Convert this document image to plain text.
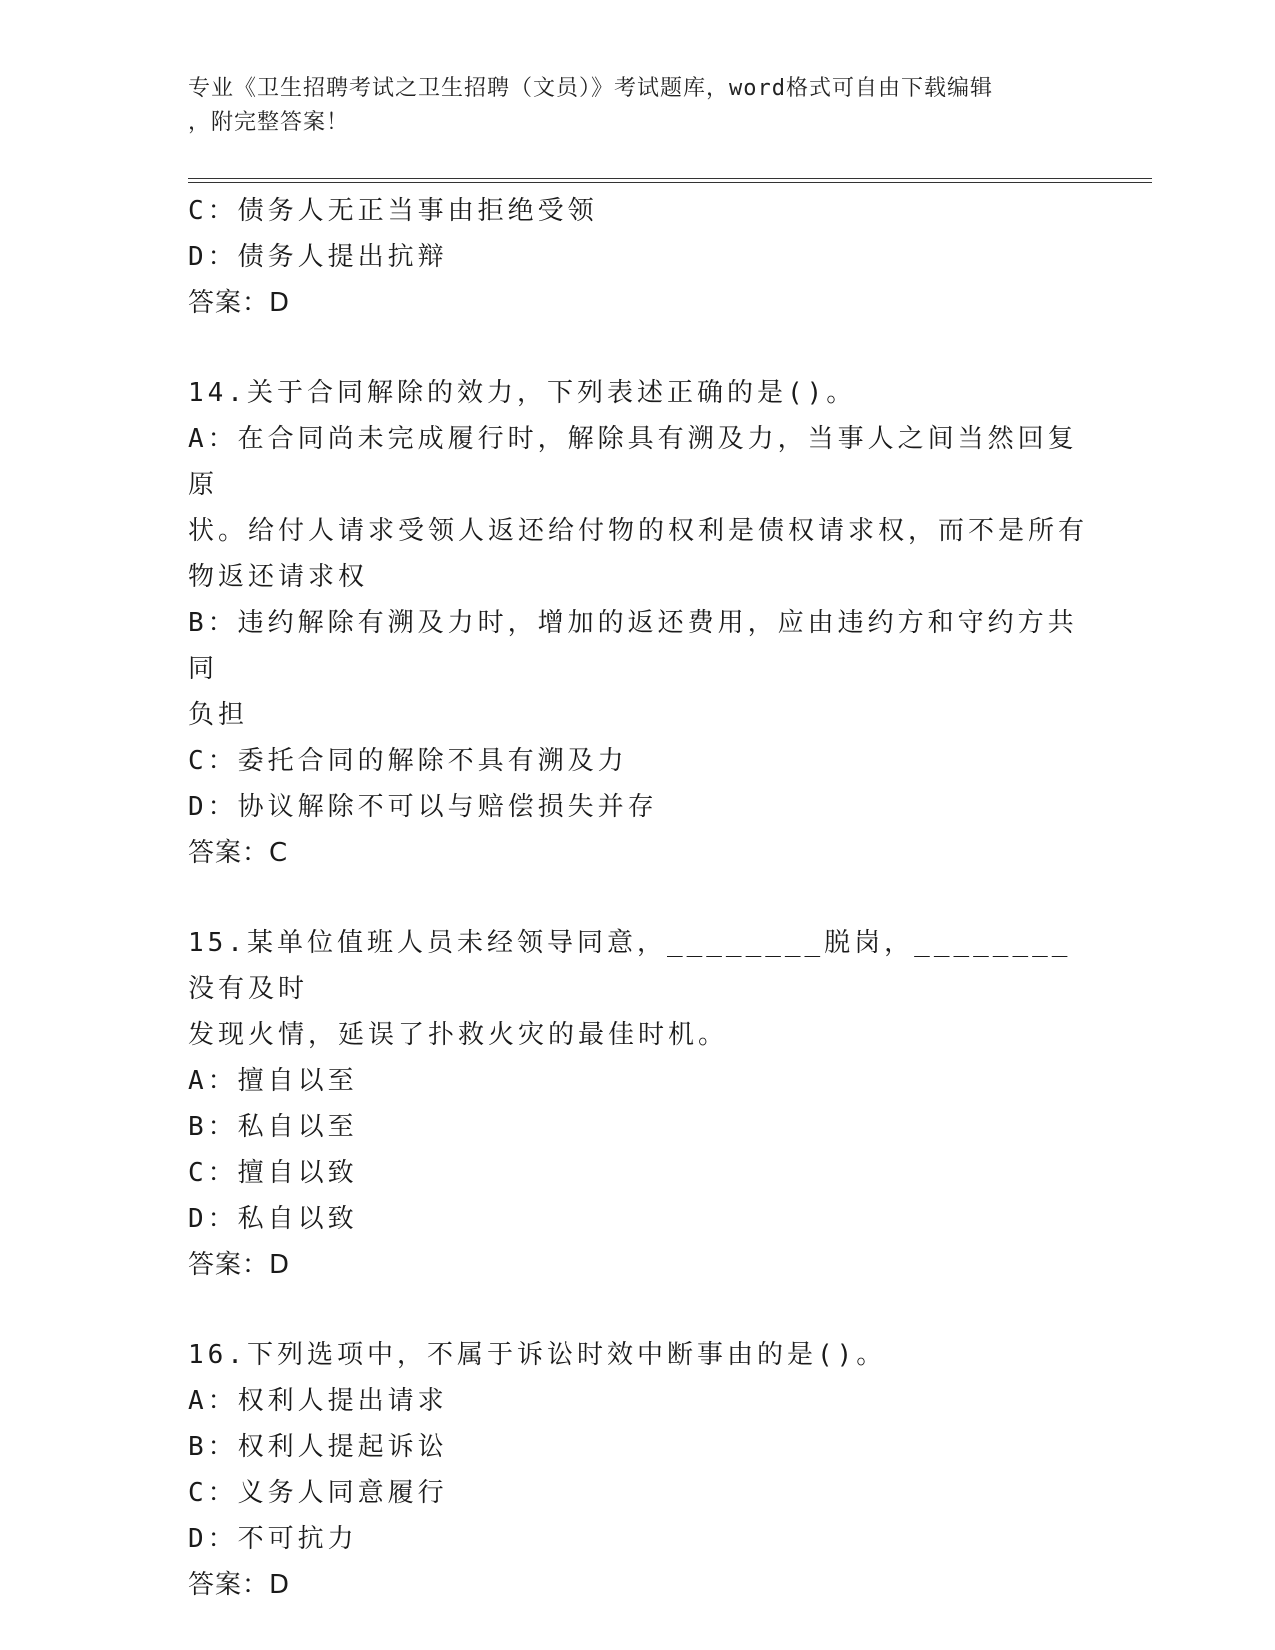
专业《卫生招聘考试之卫生招聘（文员）》考试题库，word格式可自由下载编辑
，附完整答案！
C：债务人无正当事由拒绝受领
D：债务人提出抗辩
答案：D
14.关于合同解除的效力，下列表述正确的是()。
A：在合同尚未完成履行时，解除具有溯及力，当事人之间当然回复原
状。给付人请求受领人返还给付物的权利是债权请求权，而不是所有
物返还请求权
B：违约解除有溯及力时，增加的返还费用，应由违约方和守约方共同
负担
C：委托合同的解除不具有溯及力
D：协议解除不可以与赔偿损失并存
答案：C
15.某单位值班人员未经领导同意，________脱岗，________没有及时
发现火情，延误了扑救火灾的最佳时机。
A：擅自以至
B：私自以至
C：擅自以致
D：私自以致
答案：D
16.下列选项中，不属于诉讼时效中断事由的是()。
A：权利人提出请求
B：权利人提起诉讼
C：义务人同意履行
D：不可抗力
答案：D
